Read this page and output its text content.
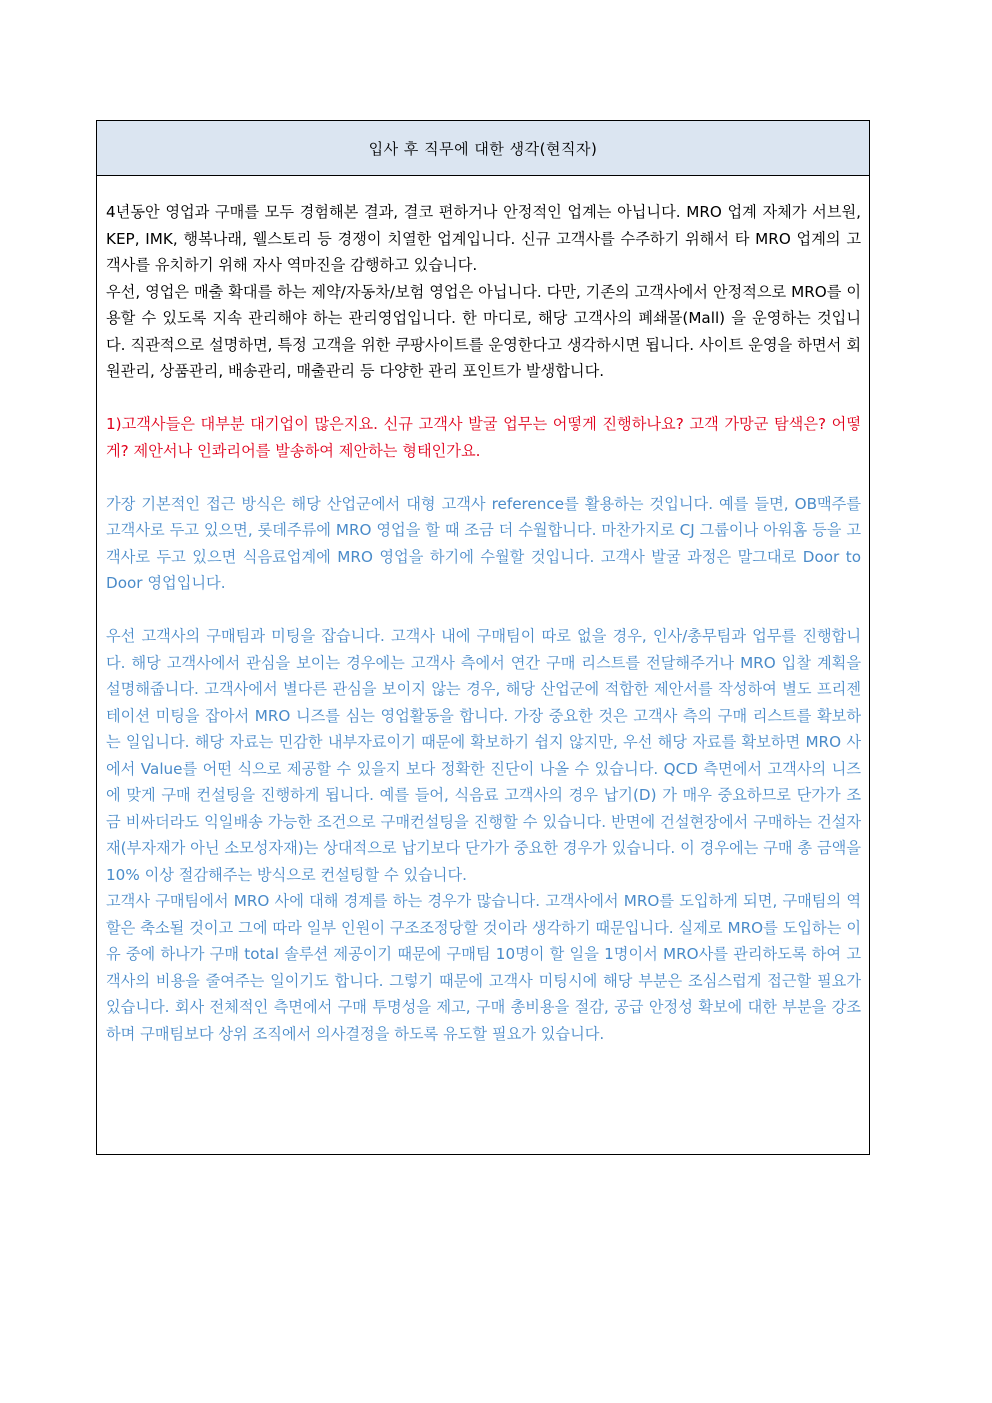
입사 후 직무에 대한 생각(현직자)

4년동안 영업과 구매를 모두 경험해본 결과, 결코 편하거나 안정적인 업계는 아닙니다. MRO 업계 자체가 서브원, KEP, IMK, 행복나래, 웰스토리 등 경쟁이 치열한 업계입니다. 신규 고객사를 수주하기 위해서 타 MRO 업계의 고객사를 유치하기 위해 자사 역마진을 감행하고 있습니다.

우선, 영업은 매출 확대를 하는 제약/자동차/보험 영업은 아닙니다. 다만, 기존의 고객사에서 안정적으로 MRO를 이용할 수 있도록 지속 관리해야 하는 관리영업입니다. 한 마디로, 해당 고객사의 폐쇄몰(Mall) 을 운영하는 것입니다. 직관적으로 설명하면, 특정 고객을 위한 쿠팡사이트를 운영한다고 생각하시면 됩니다. 사이트 운영을 하면서 회원관리, 상품관리, 배송관리, 매출관리 등 다양한 관리 포인트가 발생합니다.

1)고객사들은 대부분 대기업이 많은지요. 신규 고객사 발굴 업무는 어떻게 진행하나요? 고객 가망군 탐색은? 어떻게? 제안서나 인콰리어를 발송하여 제안하는 형태인가요.

가장 기본적인 접근 방식은 해당 산업군에서 대형 고객사 reference를 활용하는 것입니다. 예를 들면, OB맥주를 고객사로 두고 있으면, 롯데주류에 MRO 영업을 할 때 조금 더 수월합니다. 마찬가지로 CJ 그룹이나 아워홈 등을 고객사로 두고 있으면 식음료업계에 MRO 영업을 하기에 수월할 것입니다. 고객사 발굴 과정은 말그대로 Door to Door 영업입니다.

우선 고객사의 구매팀과 미팅을 잡습니다. 고객사 내에 구매팀이 따로 없을 경우, 인사/총무팀과 업무를 진행합니다. 해당 고객사에서 관심을 보이는 경우에는 고객사 측에서 연간 구매 리스트를 전달해주거나 MRO 입찰 계획을 설명해줍니다. 고객사에서 별다른 관심을 보이지 않는 경우, 해당 산업군에 적합한 제안서를 작성하여 별도 프리젠테이션 미팅을 잡아서 MRO 니즈를 심는 영업활동을 합니다. 가장 중요한 것은 고객사 측의 구매 리스트를 확보하는 일입니다. 해당 자료는 민감한 내부자료이기 때문에 확보하기 쉽지 않지만, 우선 해당 자료를 확보하면 MRO 사에서 Value를 어떤 식으로 제공할 수 있을지 보다 정확한 진단이 나올 수 있습니다. QCD 측면에서 고객사의 니즈에 맞게 구매 컨설팅을 진행하게 됩니다. 예를 들어, 식음료 고객사의 경우 납기(D) 가 매우 중요하므로 단가가 조금 비싸더라도 익일배송 가능한 조건으로 구매컨설팅을 진행할 수 있습니다. 반면에 건설현장에서 구매하는 건설자재(부자재가 아닌 소모성자재)는 상대적으로 납기보다 단가가 중요한 경우가 있습니다. 이 경우에는 구매 총 금액을 10% 이상 절감해주는 방식으로 컨설팅할 수 있습니다.

고객사 구매팀에서 MRO 사에 대해 경계를 하는 경우가 많습니다. 고객사에서 MRO를 도입하게 되면, 구매팀의 역할은 축소될 것이고 그에 따라 일부 인원이 구조조정당할 것이라 생각하기 때문입니다. 실제로 MRO를 도입하는 이유 중에 하나가 구매 total 솔루션 제공이기 때문에 구매팀 10명이 할 일을 1명이서 MRO사를 관리하도록 하여 고객사의 비용을 줄여주는 일이기도 합니다. 그렇기 때문에 고객사 미팅시에 해당 부분은 조심스럽게 접근할 필요가 있습니다. 회사 전체적인 측면에서 구매 투명성을 제고, 구매 총비용을 절감, 공급 안정성 확보에 대한 부분을 강조하며 구매팀보다 상위 조직에서 의사결정을 하도록 유도할 필요가 있습니다.
